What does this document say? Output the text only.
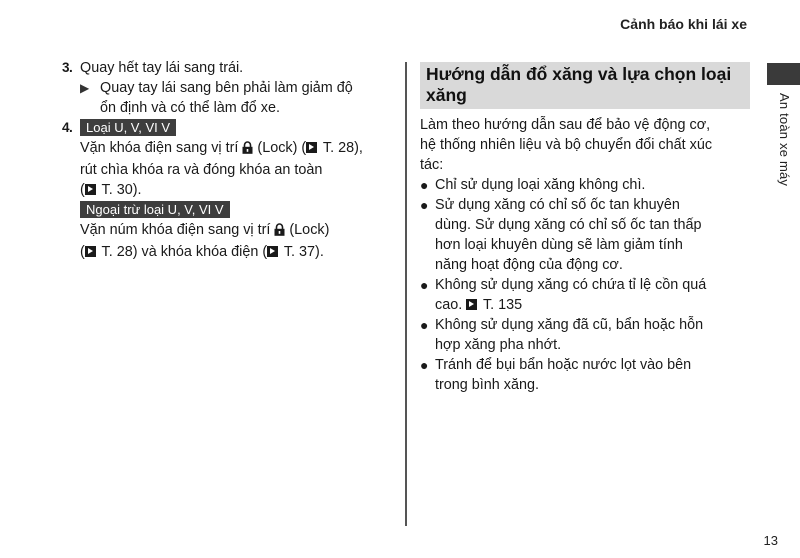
Cảnh báo khi lái xe
An toàn xe máy
13
3. Quay hết tay lái sang trái.
▶ Quay tay lái sang bên phải làm giảm độ
ổn định và có thể làm đổ xe.
4.	Loại U, V, VI V
Vặn khóa điện sang vị trí  (Lock) ( T. 28),
rút chìa khóa ra và đóng khóa an toàn
( T. 30).
Ngoại trừ loại U, V, VI V
Vặn núm khóa điện sang vị trí  (Lock)
( T. 28) và khóa khóa điện ( T. 37).
Hướng dẫn đổ xăng và lựa chọn loại
xăng
Làm theo hướng dẫn sau để bảo vệ động cơ,
hệ thống nhiên liệu và bộ chuyển đổi chất xúc
tác:
● Chỉ sử dụng loại xăng không chì.
● Sử dụng xăng có chỉ số ốc tan khuyên
dùng. Sử dụng xăng có chỉ số ốc tan thấp
hơn loại khuyên dùng sẽ làm giảm tính
năng hoạt động của động cơ.
● Không sử dụng xăng có chứa tỉ lệ cồn quá
cao.  T. 135
● Không sử dụng xăng đã cũ, bẩn hoặc hỗn
hợp xăng pha nhớt.
● Tránh để bụi bẩn hoặc nước lọt vào bên
trong bình xăng.
